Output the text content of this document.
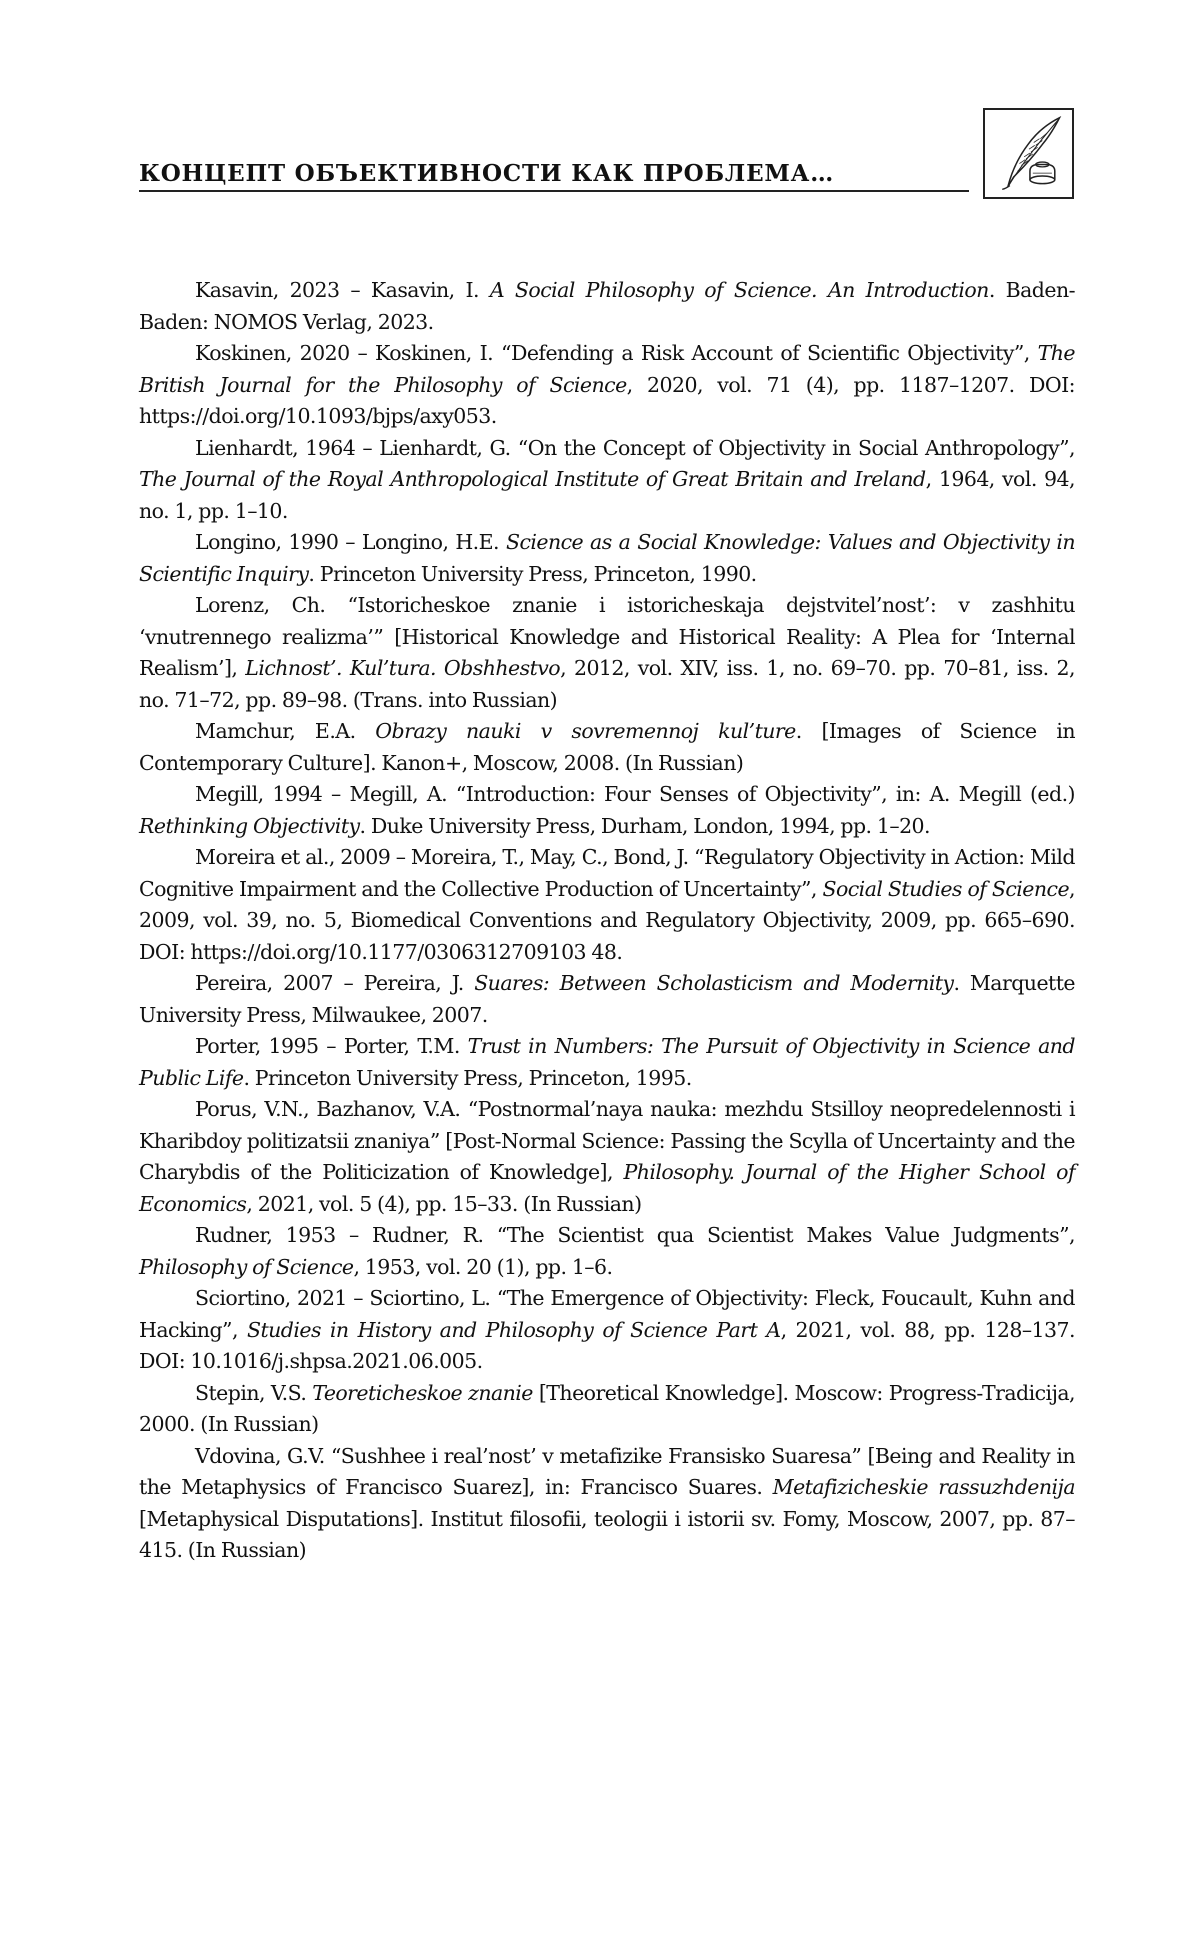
КОНЦЕПТ ОБЪЕКТИВНОСТИ КАК ПРОБЛЕМА…

Kasavin, 2023 – Kasavin, I. A Social Philosophy of Science. An Introduction. Baden-Baden: NOMOS Verlag, 2023.

Koskinen, 2020 – Koskinen, I. “Defending a Risk Account of Scientific Objectivity”, The British Journal for the Philosophy of Science, 2020, vol. 71 (4), pp. 1187–1207. DOI: https://doi.org/10.1093/bjps/axy053.

Lienhardt, 1964 – Lienhardt, G. “On the Concept of Objectivity in Social Anthropology”, The Journal of the Royal Anthropological Institute of Great Britain and Ireland, 1964, vol. 94, no. 1, pp. 1–10.

Longino, 1990 – Longino, H.E. Science as a Social Knowledge: Values and Objectivity in Scientific Inquiry. Princeton University Press, Princeton, 1990.

Lorenz, Ch. “Istoricheskoe znanie i istoricheskaja dejstvitel’nost’: v zashhitu ‘vnutrennego realizma’” [Historical Knowledge and Historical Reality: A Plea for ‘Internal Realism’], Lichnost’. Kul’tura. Obshhestvo, 2012, vol. XIV, iss. 1, no. 69–70. pp. 70–81, iss. 2, no. 71–72, pp. 89–98. (Trans. into Russian)

Mamchur, E.A. Obrazy nauki v sovremennoj kul’ture. [Images of Science in Contemporary Culture]. Kanon+, Moscow, 2008. (In Russian)

Megill, 1994 – Megill, A. “Introduction: Four Senses of Objectivity”, in: A. Megill (ed.) Rethinking Objectivity. Duke University Press, Durham, London, 1994, pp. 1–20.

Moreira et al., 2009 – Moreira, T., May, C., Bond, J. “Regulatory Objectivity in Action: Mild Cognitive Impairment and the Collective Production of Uncertainty”, Social Studies of Science, 2009, vol. 39, no. 5, Biomedical Conventions and Regulatory Objectivity, 2009, pp. 665–690. DOI: https://doi.org/10.1177/0306312709103 48.

Pereira, 2007 – Pereira, J. Suares: Between Scholasticism and Modernity. Marquette University Press, Milwaukee, 2007.

Porter, 1995 – Porter, T.M. Trust in Numbers: The Pursuit of Objectivity in Science and Public Life. Princeton University Press, Princeton, 1995.

Porus, V.N., Bazhanov, V.A. “Postnormal’naya nauka: mezhdu Stsilloy neopredelennosti i Kharibdoy politizatsii znaniya” [Post-Normal Science: Passing the Scylla of Uncertainty and the Charybdis of the Politicization of Knowledge], Philosophy. Journal of the Higher School of Economics, 2021, vol. 5 (4), pp. 15–33. (In Russian)

Rudner, 1953 – Rudner, R. “The Scientist qua Scientist Makes Value Judgments”, Philosophy of Science, 1953, vol. 20 (1), pp. 1–6.

Sciortino, 2021 – Sciortino, L. “The Emergence of Objectivity: Fleck, Foucault, Kuhn and Hacking”, Studies in History and Philosophy of Science Part A, 2021, vol. 88, pp. 128–137. DOI: 10.1016/j.shpsa.2021.06.005.

Stepin, V.S. Teoreticheskoe znanie [Theoretical Knowledge]. Moscow: Progress-Tradicija, 2000. (In Russian)

Vdovina, G.V. “Sushhee i real’nost’ v metafizike Fransisko Suaresa” [Being and Reality in the Metaphysics of Francisco Suarez], in: Francisco Suares. Metafizicheskie rassuzhdenija [Metaphysical Disputations]. Institut filosofii, teologii i istorii sv. Fomy, Moscow, 2007, pp. 87–415. (In Russian)
